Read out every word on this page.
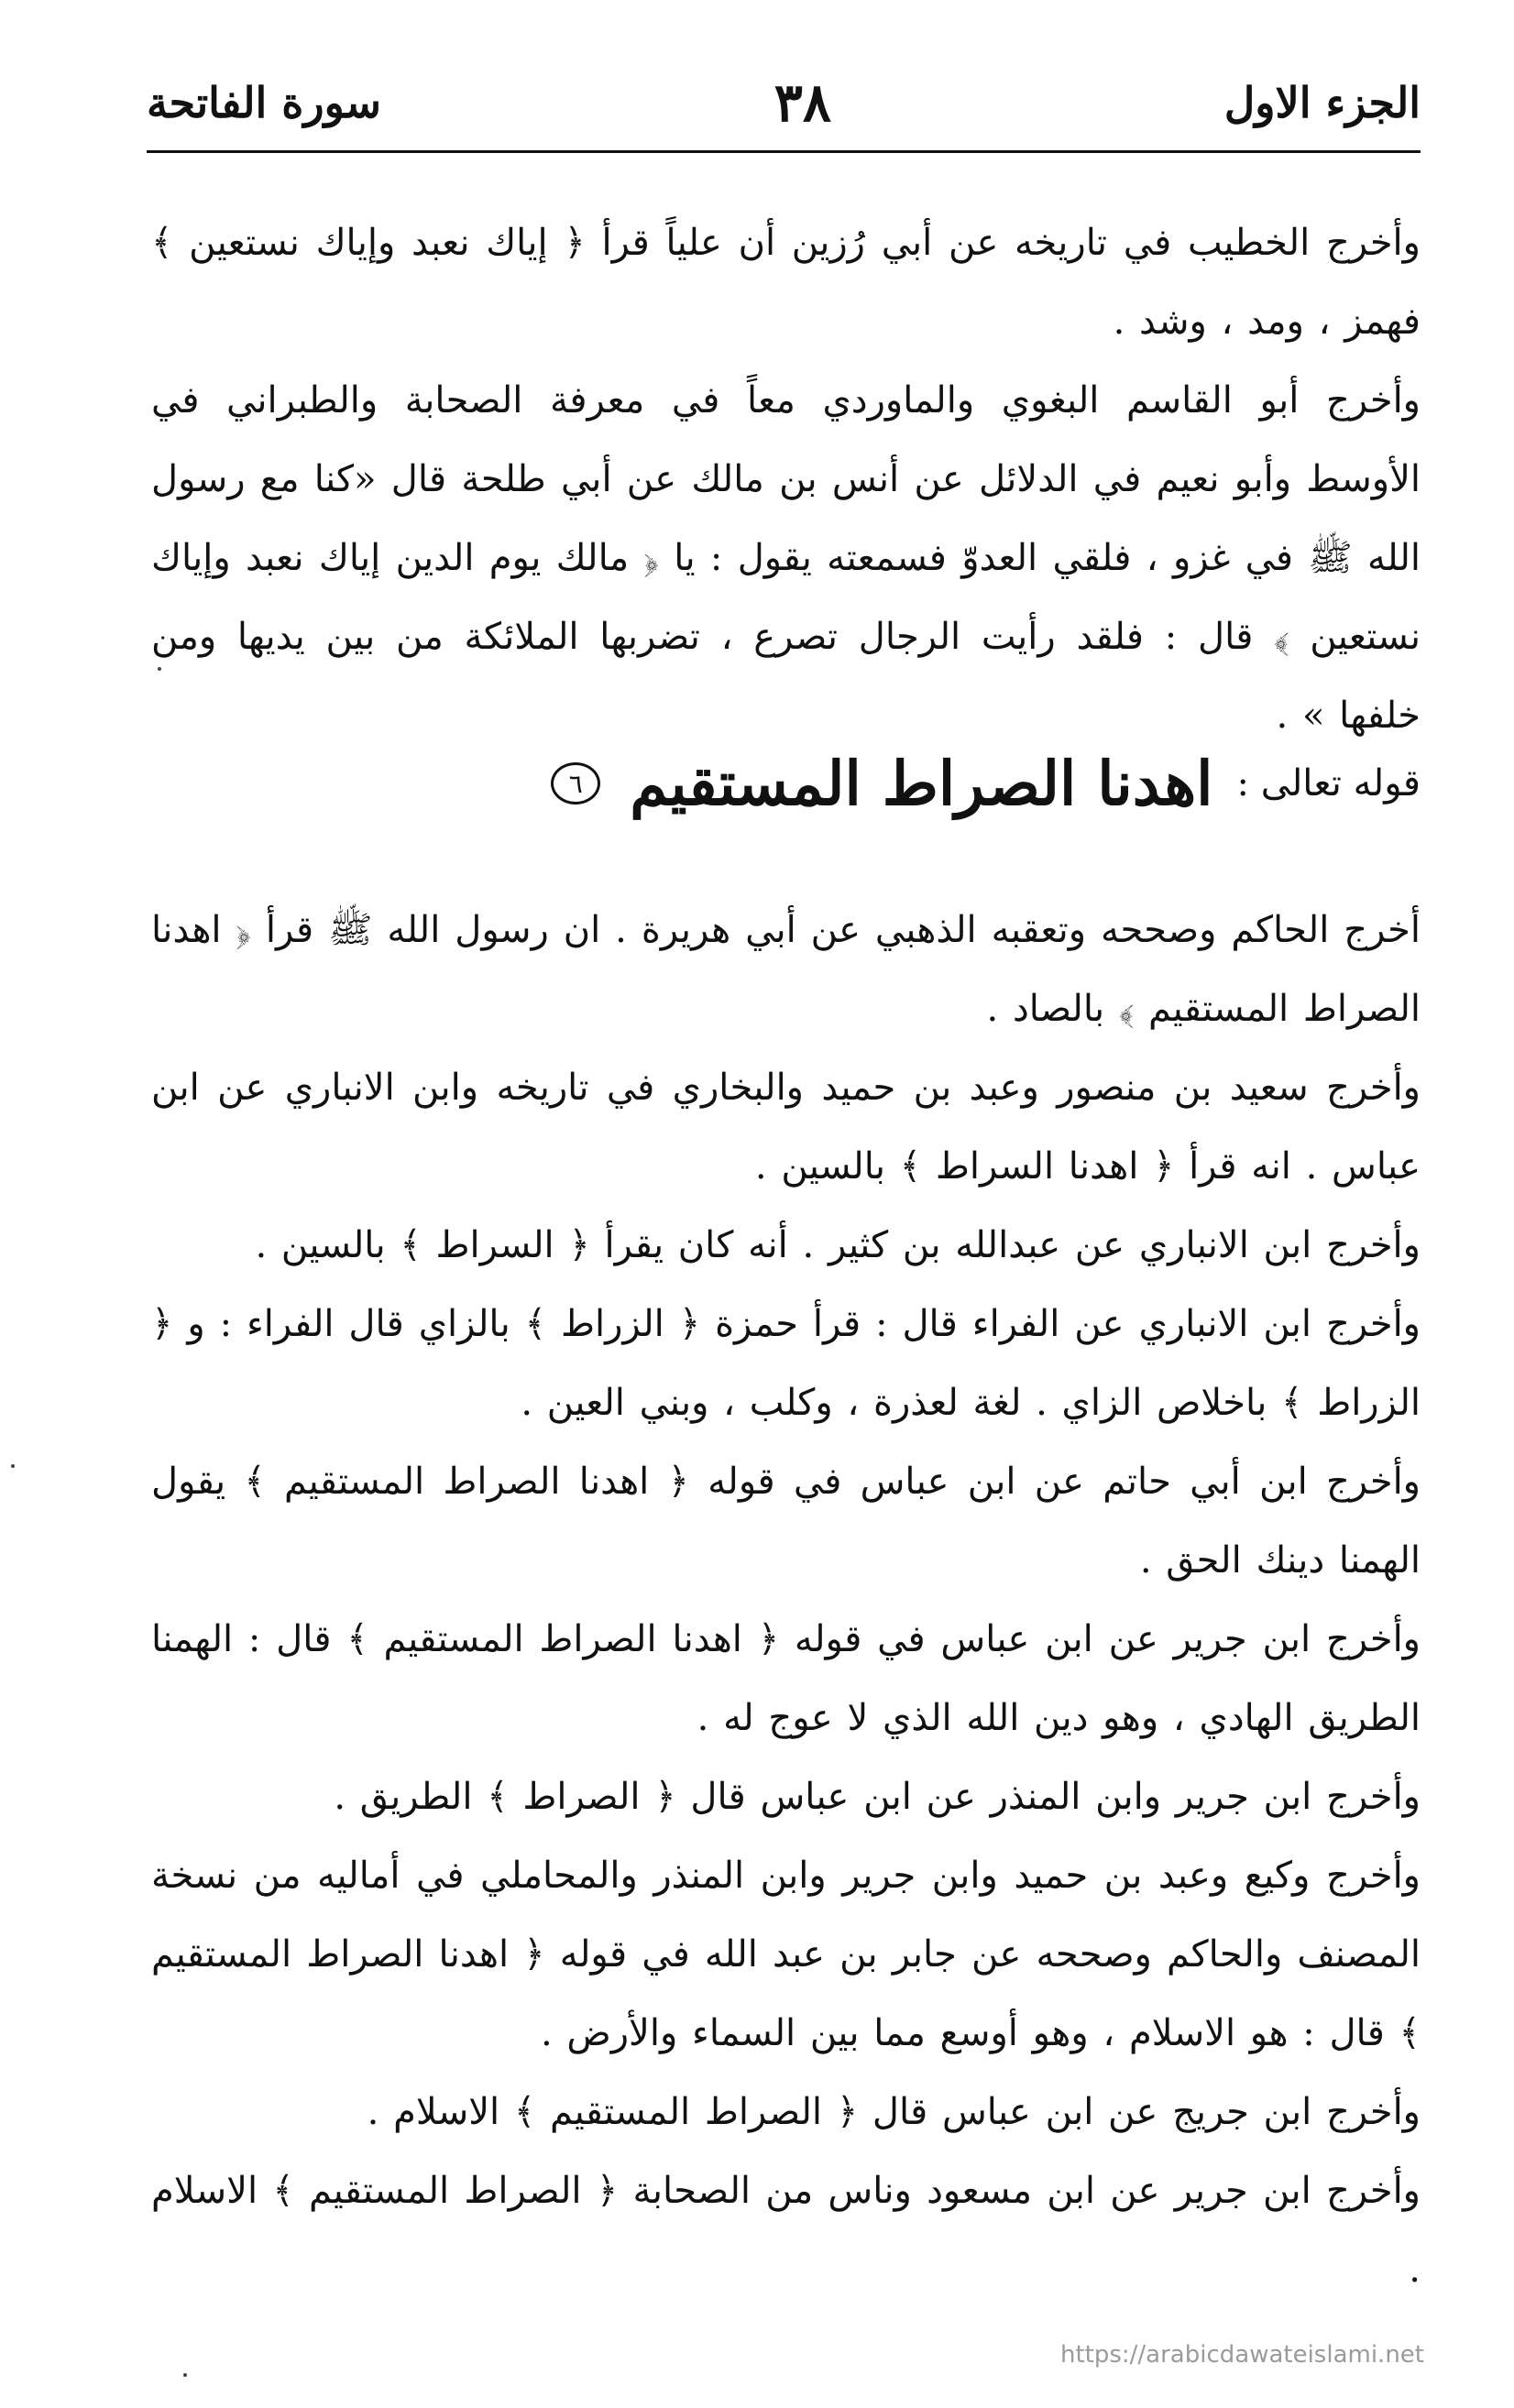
الجزء الاول
٣٨
سورة الفاتحة

وأخرج الخطيب في تاريخه عن أبي رُزين أن علياً قرأ ﴿ إياك نعبد وإياك نستعين ﴾ فهمز ، ومد ، وشد .

وأخرج أبو القاسم البغوي والماوردي معاً في معرفة الصحابة والطبراني في الأوسط وأبو نعيم في الدلائل عن أنس بن مالك عن أبي طلحة قال «كنا مع رسول الله ﷺ في غزو ، فلقي العدوّ فسمعته يقول : يا ﴿ مالك يوم الدين إياك نعبد وإياك نستعين ﴾ قال : فلقد رأيت الرجال تصرع ، تضربها الملائكة من بين يديها ومن خلفها » .

قوله تعالى :
اهدنا الصراط المستقيم
٦

أخرج الحاكم وصححه وتعقبه الذهبي عن أبي هريرة . ان رسول الله ﷺ قرأ ﴿ اهدنا الصراط المستقيم ﴾ بالصاد .

وأخرج سعيد بن منصور وعبد بن حميد والبخاري في تاريخه وابن الانباري عن ابن عباس . انه قرأ ﴿ اهدنا السراط ﴾ بالسين .

وأخرج ابن الانباري عن عبدالله بن كثير . أنه كان يقرأ ﴿ السراط ﴾ بالسين .

وأخرج ابن الانباري عن الفراء قال : قرأ حمزة ﴿ الزراط ﴾ بالزاي قال الفراء : و ﴿ الزراط ﴾ باخلاص الزاي . لغة لعذرة ، وكلب ، وبني العين .

وأخرج ابن أبي حاتم عن ابن عباس في قوله ﴿ اهدنا الصراط المستقيم ﴾ يقول الهمنا دينك الحق .

وأخرج ابن جرير عن ابن عباس في قوله ﴿ اهدنا الصراط المستقيم ﴾ قال : الهمنا الطريق الهادي ، وهو دين الله الذي لا عوج له .

وأخرج ابن جرير وابن المنذر عن ابن عباس قال ﴿ الصراط ﴾ الطريق .

وأخرج وكيع وعبد بن حميد وابن جرير وابن المنذر والمحاملي في أماليه من نسخة المصنف والحاكم وصححه عن جابر بن عبد الله في قوله ﴿ اهدنا الصراط المستقيم ﴾ قال : هو الاسلام ، وهو أوسع مما بين السماء والأرض .

وأخرج ابن جريج عن ابن عباس قال ﴿ الصراط المستقيم ﴾ الاسلام .

وأخرج ابن جرير عن ابن مسعود وناس من الصحابة ﴿ الصراط المستقيم ﴾ الاسلام .

https://arabicdawateislami.net
